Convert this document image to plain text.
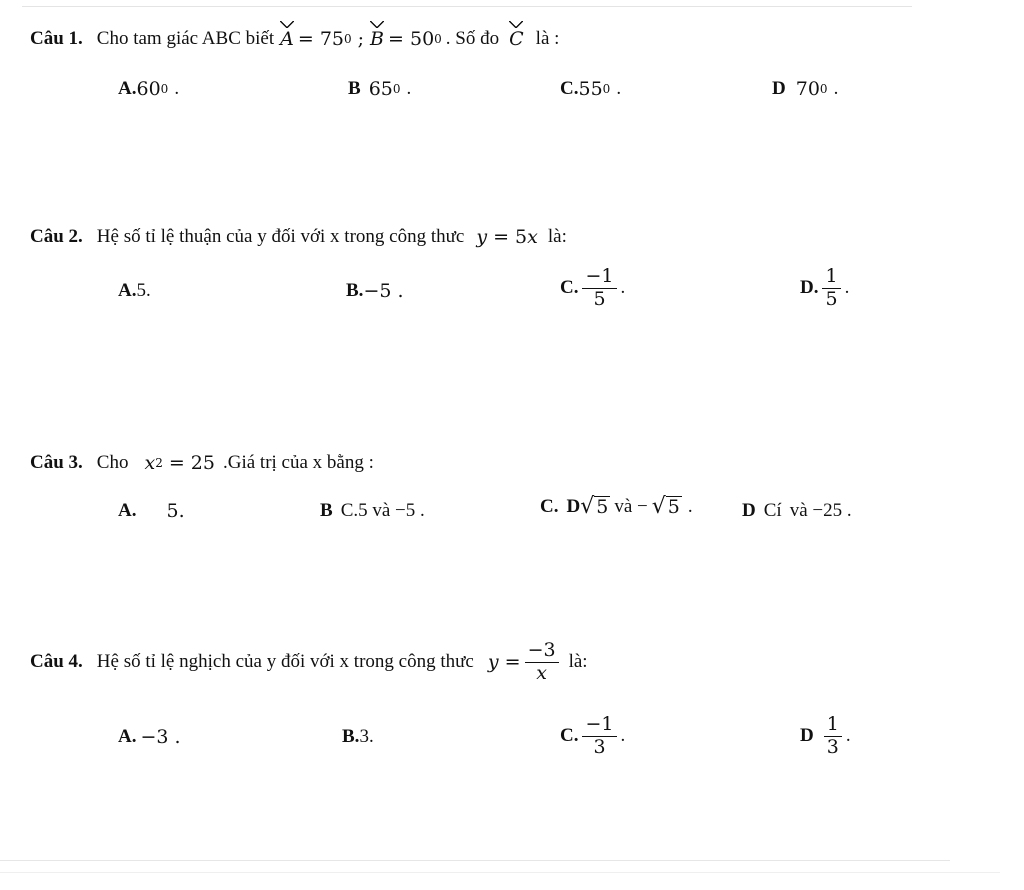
Câu 1. Cho tam giác ABC biết A = 75 0 ; B = 50 0 . Số đo C là :
A. 60 0 .	B 65 0 .	C. 55 0 .	D 70 0 .
Câu 2. Hệ số tỉ lệ thuận của y đối với x trong công thưc y = 5 x là:
A. 5.	B. −5 .	C. $\frac{-1}{5}$ .	D. $\frac{1}{5}$ .
Câu 3. Cho x 2 = 25 .Giá trị của x bằng :
A. 5.	B C.5 và −5 .	C. D √ 5 và − √ 5 .	D Cí và −25 .
Câu 4. Hệ số tỉ lệ nghịch của y đối với x trong công thưc $y = \frac{-3}{x}$ là:
A. −3 .	B. 3.	C. $\frac{-1}{3}$ .	D $\frac{1}{3}$ .
